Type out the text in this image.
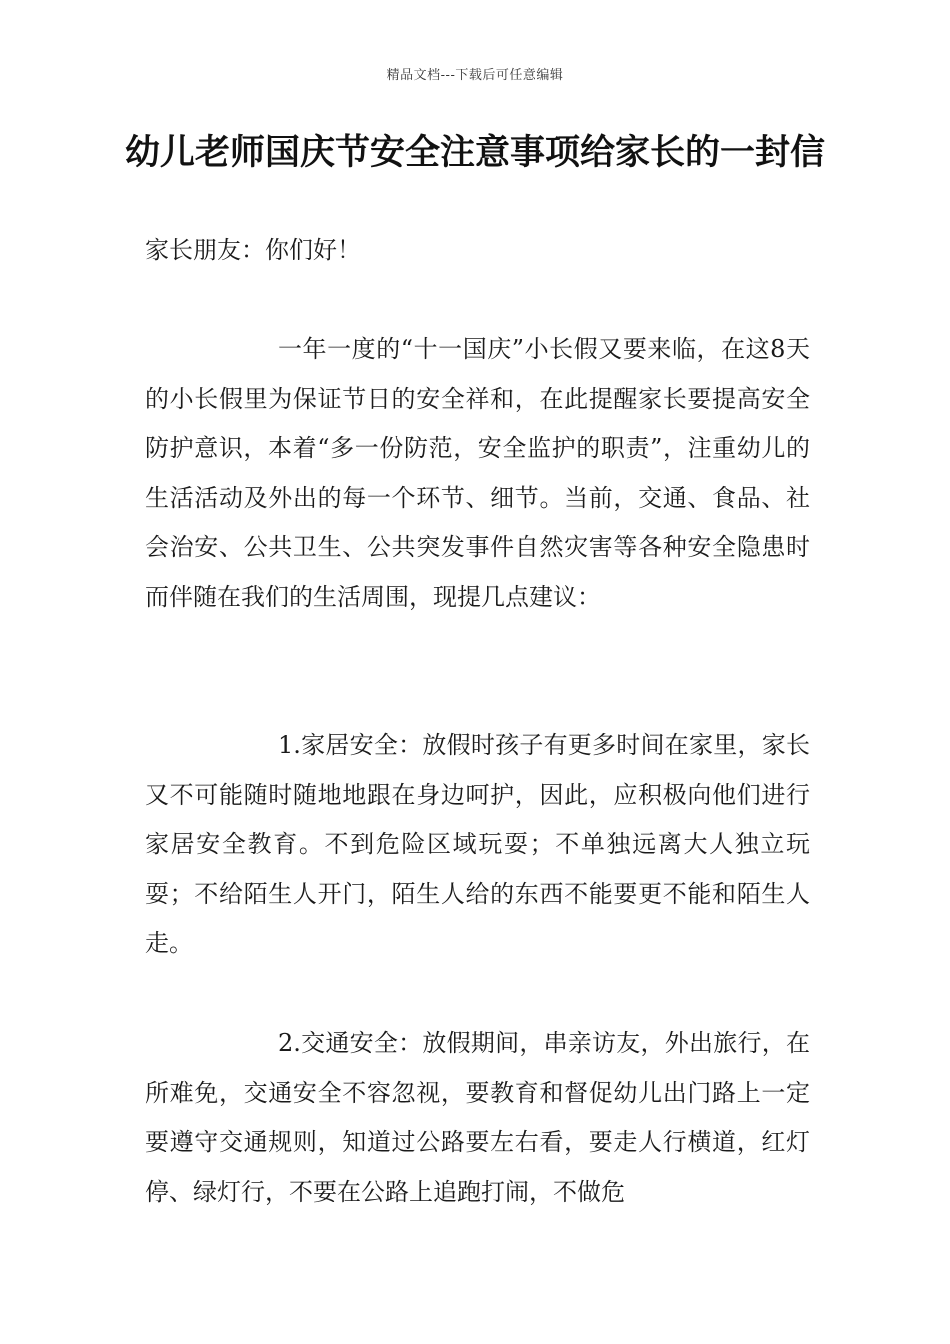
精品文档---下载后可任意编辑
幼儿老师国庆节安全注意事项给家长的一封信

家长朋友：你们好！

一年一度的“十一国庆”小长假又要来临，在这8天的小长假里为保证节日的安全祥和，在此提醒家长要提高安全防护意识，本着“多一份防范，安全监护的职责”，注重幼儿的生活活动及外出的每一个环节、细节。当前，交通、食品、社会治安、公共卫生、公共突发事件自然灾害等各种安全隐患时而伴随在我们的生活周围，现提几点建议：

1.家居安全：放假时孩子有更多时间在家里，家长又不可能随时随地地跟在身边呵护，因此，应积极向他们进行家居安全教育。不到危险区域玩耍；不单独远离大人独立玩耍；不给陌生人开门，陌生人给的东西不能要更不能和陌生人走。

2.交通安全：放假期间，串亲访友，外出旅行，在所难免，交通安全不容忽视，要教育和督促幼儿出门路上一定要遵守交通规则，知道过公路要左右看，要走人行横道，红灯停、绿灯行，不要在公路上追跑打闹，不做危
